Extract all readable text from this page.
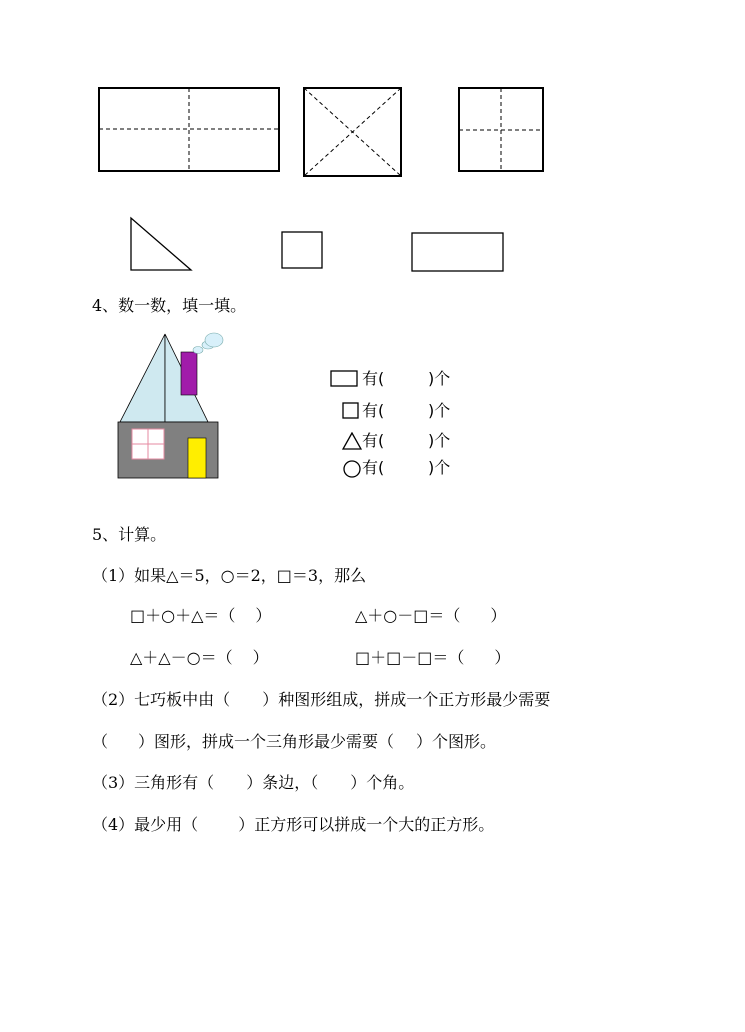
4、数一数，填一填。
有(	)个
有(	)个
有(	)个
有(	)个
5、计算。
（1）如果△＝5，○＝2，□＝3，那么
□＋○＋△＝（ ）	△＋○－□＝（ ）
△＋△－○＝（ ）	□＋□－□＝（ ）
（2）七巧板中由（ ）种图形组成，拼成一个正方形最少需要
（ ）图形，拼成一个三角形最少需要（ ）个图形。
（3）三角形有（ ）条边，（ ）个角。
（4）最少用（	）正方形可以拼成一个大的正方形。
